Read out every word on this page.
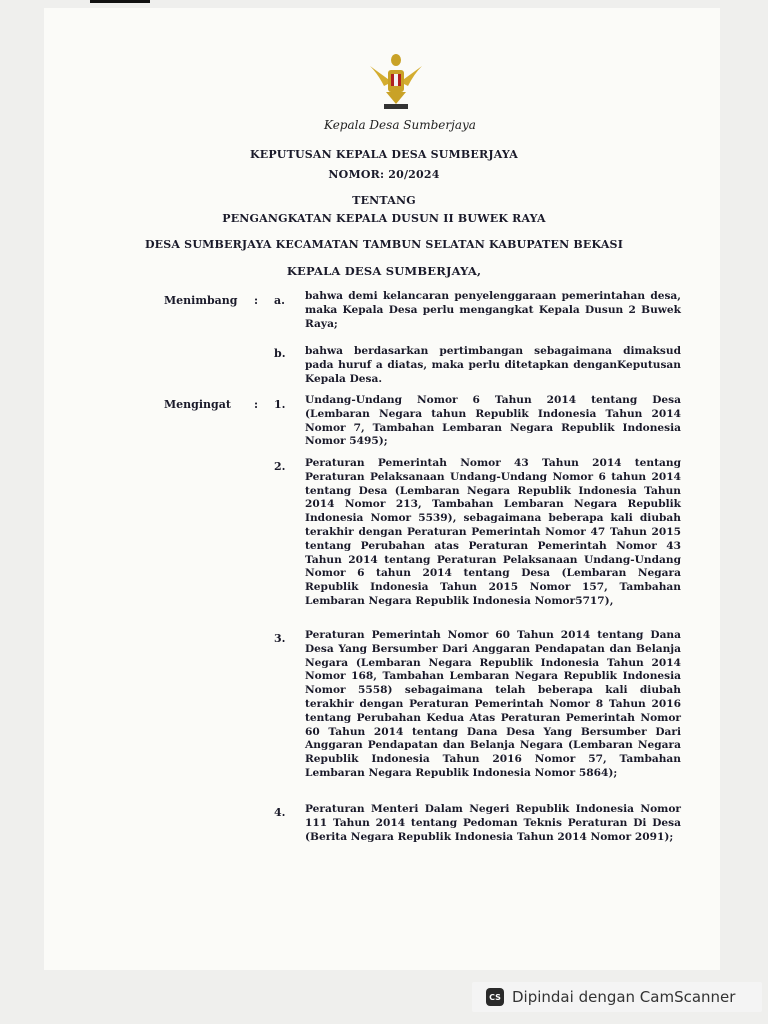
Kepala Desa Sumberjaya
KEPUTUSAN KEPALA DESA SUMBERJAYA
NOMOR: 20/2024
TENTANG
PENGANGKATAN KEPALA DUSUN II BUWEK RAYA
DESA SUMBERJAYA KECAMATAN TAMBUN SELATAN KABUPATEN BEKASI
KEPALA DESA SUMBERJAYA,
Menimbang : a. bahwa demi kelancaran penyelenggaraan pemerintahan desa, maka Kepala Desa perlu mengangkat Kepala Dusun 2 Buwek Raya;
b. bahwa berdasarkan pertimbangan sebagaimana dimaksud pada huruf a diatas, maka perlu ditetapkan denganKeputusan Kepala Desa.
Mengingat : 1. Undang-Undang Nomor 6 Tahun 2014 tentang Desa (Lembaran Negara tahun Republik Indonesia Tahun 2014 Nomor 7, Tambahan Lembaran Negara Republik Indonesia Nomor 5495);
2. Peraturan Pemerintah Nomor 43 Tahun 2014 tentang Peraturan Pelaksanaan Undang-Undang Nomor 6 tahun 2014 tentang Desa (Lembaran Negara Republik Indonesia Tahun 2014 Nomor 213, Tambahan Lembaran Negara Republik Indonesia Nomor 5539), sebagaimana beberapa kali diubah terakhir dengan Peraturan Pemerintah Nomor 47 Tahun 2015 tentang Perubahan atas Peraturan Pemerintah Nomor 43 Tahun 2014 tentang Peraturan Pelaksanaan Undang-Undang Nomor 6 tahun 2014 tentang Desa (Lembaran Negara Republik Indonesia Tahun 2015 Nomor 157, Tambahan Lembaran Negara Republik Indonesia Nomor5717),
3. Peraturan Pemerintah Nomor 60 Tahun 2014 tentang Dana Desa Yang Bersumber Dari Anggaran Pendapatan dan Belanja Negara (Lembaran Negara Republik Indonesia Tahun 2014 Nomor 168, Tambahan Lembaran Negara Republik Indonesia Nomor 5558) sebagaimana telah beberapa kali diubah terakhir dengan Peraturan Pemerintah Nomor 8 Tahun 2016 tentang Perubahan Kedua Atas Peraturan Pemerintah Nomor 60 Tahun 2014 tentang Dana Desa Yang Bersumber Dari Anggaran Pendapatan dan Belanja Negara (Lembaran Negara Republik Indonesia Tahun 2016 Nomor 57, Tambahan Lembaran Negara Republik Indonesia Nomor 5864);
4. Peraturan Menteri Dalam Negeri Republik Indonesia Nomor 111 Tahun 2014 tentang Pedoman Teknis Peraturan Di Desa (Berita Negara Republik Indonesia Tahun 2014 Nomor 2091);
CS Dipindai dengan CamScanner
